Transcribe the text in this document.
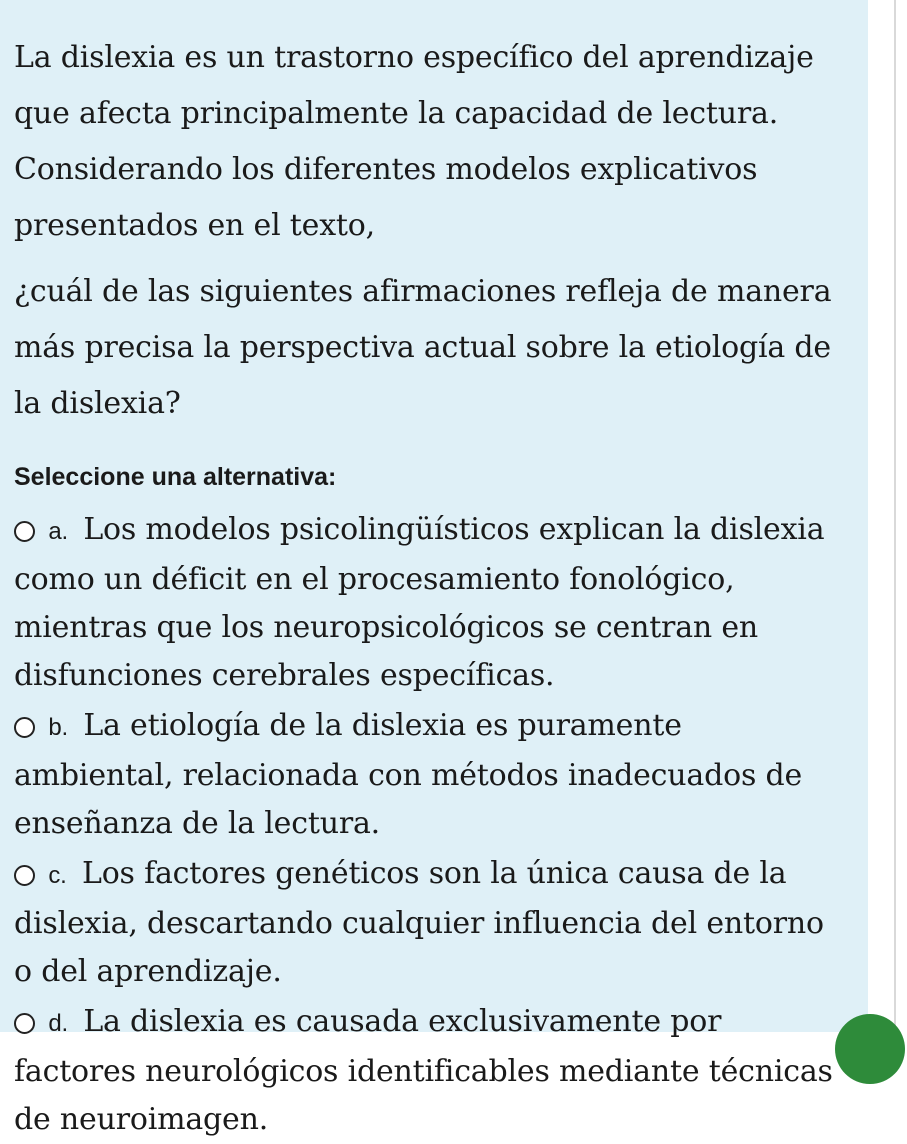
La dislexia es un trastorno específico del aprendizaje que afecta principalmente la capacidad de lectura. Considerando los diferentes modelos explicativos presentados en el texto,

¿cuál de las siguientes afirmaciones refleja de manera más precisa la perspectiva actual sobre la etiología de la dislexia?

Seleccione una alternativa:
a. Los modelos psicolingüísticos explican la dislexia como un déficit en el procesamiento fonológico, mientras que los neuropsicológicos se centran en disfunciones cerebrales específicas.
b. La etiología de la dislexia es puramente ambiental, relacionada con métodos inadecuados de enseñanza de la lectura.
c. Los factores genéticos son la única causa de la dislexia, descartando cualquier influencia del entorno o del aprendizaje.
d. La dislexia es causada exclusivamente por factores neurológicos identificables mediante técnicas de neuroimagen.
